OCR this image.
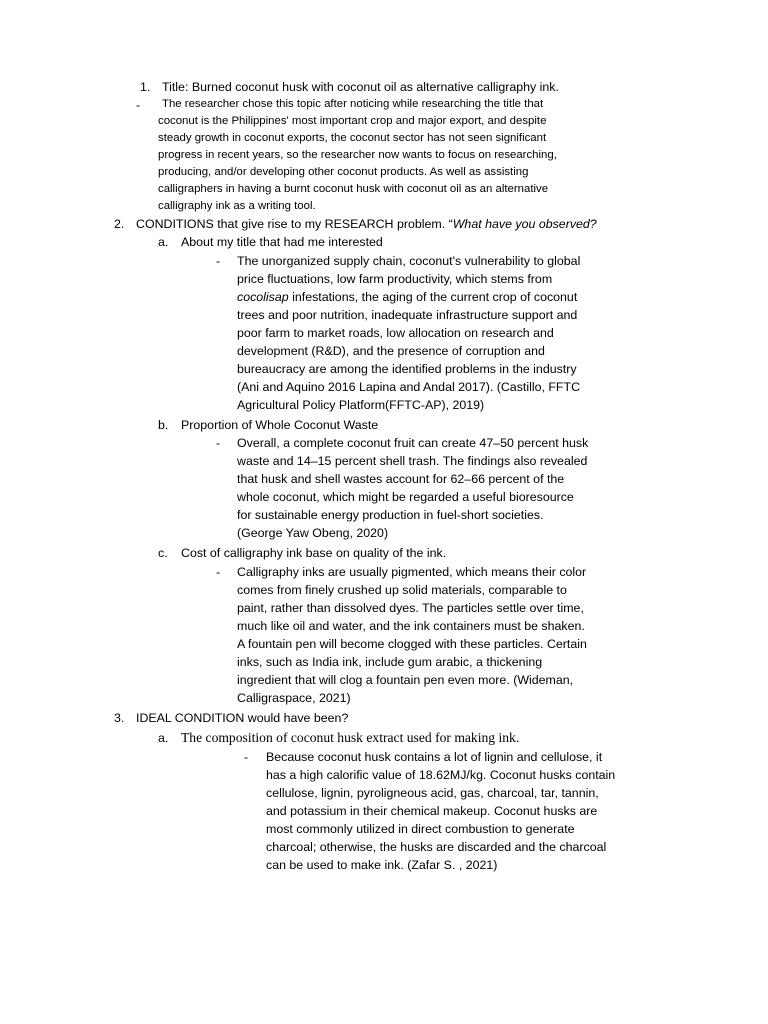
1. Title: Burned coconut husk with coconut oil as alternative calligraphy ink.
- The researcher chose this topic after noticing while researching the title that
coconut is the Philippines' most important crop and major export, and despite
steady growth in coconut exports, the coconut sector has not seen significant
progress in recent years, so the researcher now wants to focus on researching,
producing, and/or developing other coconut products. As well as assisting
calligraphers in having a burnt coconut husk with coconut oil as an alternative
calligraphy ink as a writing tool.
2. CONDITIONS that give rise to my RESEARCH problem. “What have you observed?
a. About my title that had me interested
- The unorganized supply chain, coconut's vulnerability to global
price fluctuations, low farm productivity, which stems from
cocolisap infestations, the aging of the current crop of coconut
trees and poor nutrition, inadequate infrastructure support and
poor farm to market roads, low allocation on research and
development (R&D), and the presence of corruption and
bureaucracy are among the identified problems in the industry
(Ani and Aquino 2016 Lapina and Andal 2017). (Castillo, FFTC
Agricultural Policy Platform(FFTC-AP), 2019)
b. Proportion of Whole Coconut Waste
- Overall, a complete coconut fruit can create 47–50 percent husk
waste and 14–15 percent shell trash. The findings also revealed
that husk and shell wastes account for 62–66 percent of the
whole coconut, which might be regarded a useful bioresource
for sustainable energy production in fuel-short societies.
(George Yaw Obeng, 2020)
c. Cost of calligraphy ink base on quality of the ink.
- Calligraphy inks are usually pigmented, which means their color
comes from finely crushed up solid materials, comparable to
paint, rather than dissolved dyes. The particles settle over time,
much like oil and water, and the ink containers must be shaken.
A fountain pen will become clogged with these particles. Certain
inks, such as India ink, include gum arabic, a thickening
ingredient that will clog a fountain pen even more. (Wideman,
Calligraspace, 2021)
3. IDEAL CONDITION would have been?
a. The composition of coconut husk extract used for making ink.
- Because coconut husk contains a lot of lignin and cellulose, it
has a high calorific value of 18.62MJ/kg. Coconut husks contain
cellulose, lignin, pyroligneous acid, gas, charcoal, tar, tannin,
and potassium in their chemical makeup. Coconut husks are
most commonly utilized in direct combustion to generate
charcoal; otherwise, the husks are discarded and the charcoal
can be used to make ink. (Zafar S. , 2021)
